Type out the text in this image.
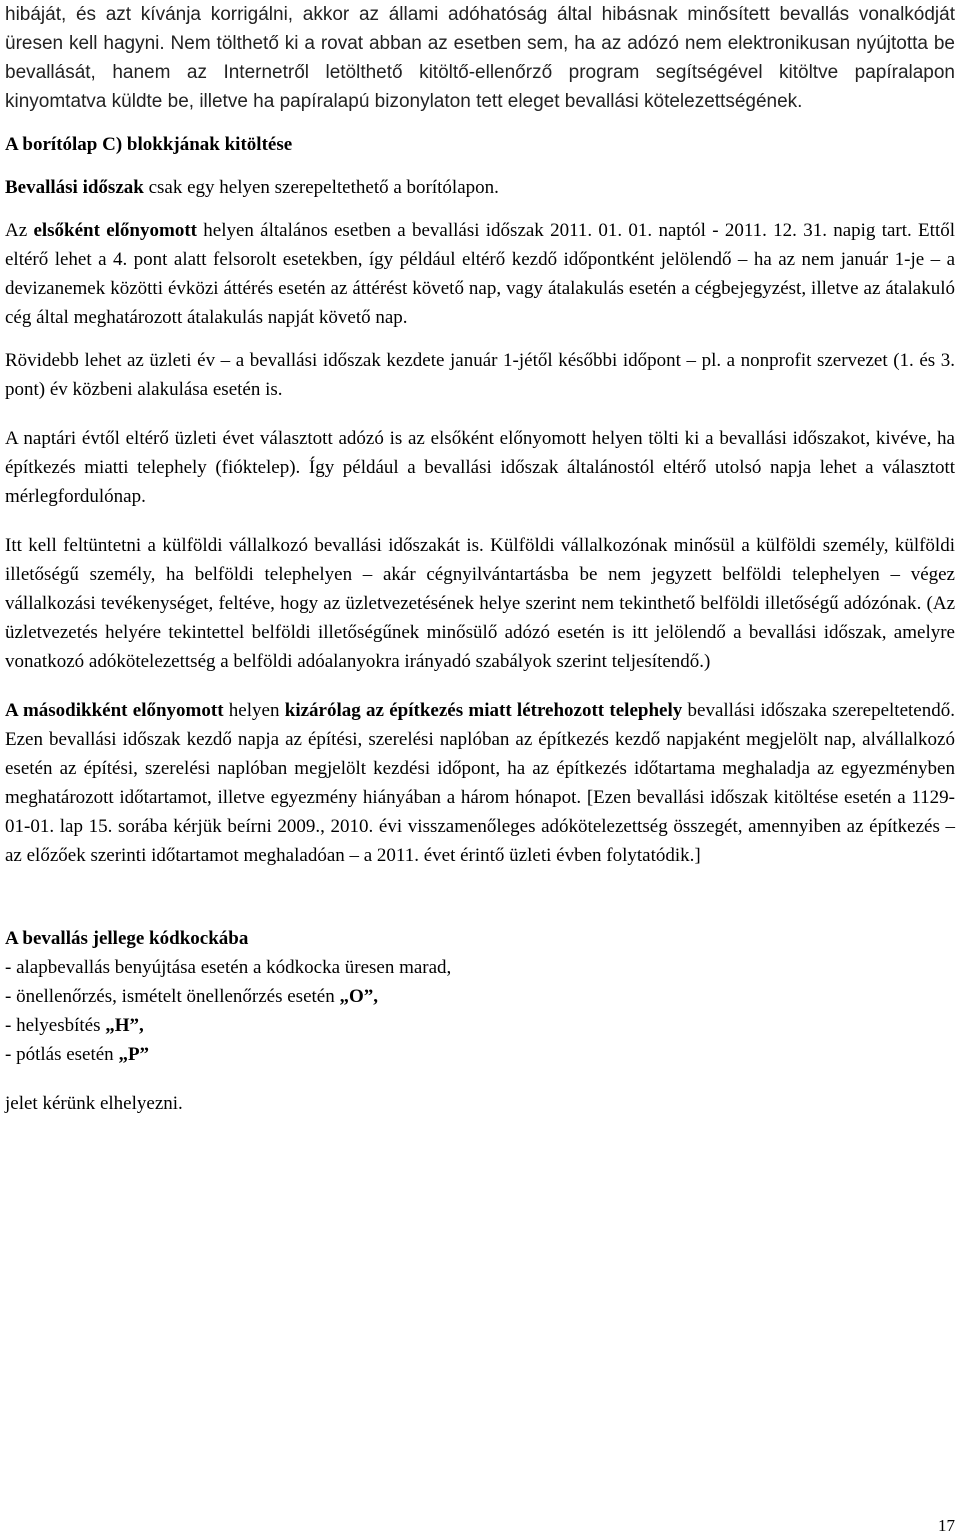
hibáját, és azt kívánja korrigálni, akkor az állami adóhatóság által hibásnak minősített bevallás vonalkódját üresen kell hagyni. Nem tölthető ki a rovat abban az esetben sem, ha az adózó nem elektronikusan nyújtotta be bevallását, hanem az Internetről letölthető kitöltő-ellenőrző program segítségével kitöltve papíralapon kinyomtatva küldte be, illetve ha papíralapú bizonylaton tett eleget bevallási kötelezettségének.

A borítólap C) blokkjának kitöltése

Bevallási időszak csak egy helyen szerepeltethető a borítólapon.

Az elsőként előnyomott helyen általános esetben a bevallási időszak 2011. 01. 01. naptól - 2011. 12. 31. napig tart. Ettől eltérő lehet a 4. pont alatt felsorolt esetekben, így például eltérő kezdő időpontként jelölendő – ha az nem január 1-je – a devizanemek közötti évközi áttérés esetén az áttérést követő nap, vagy átalakulás esetén a cégbejegyzést, illetve az átalakuló cég által meghatározott átalakulás napját követő nap.

Rövidebb lehet az üzleti év – a bevallási időszak kezdete január 1-jétől későbbi időpont – pl. a nonprofit szervezet (1. és 3. pont) év közbeni alakulása esetén is.

A naptári évtől eltérő üzleti évet választott adózó is az elsőként előnyomott helyen tölti ki a bevallási időszakot, kivéve, ha építkezés miatti telephely (fióktelep). Így például a bevallási időszak általánostól eltérő utolsó napja lehet a választott mérlegfordulónap.

Itt kell feltüntetni a külföldi vállalkozó bevallási időszakát is. Külföldi vállalkozónak minősül a külföldi személy, külföldi illetőségű személy, ha belföldi telephelyen – akár cégnyilvántartásba be nem jegyzett belföldi telephelyen – végez vállalkozási tevékenységet, feltéve, hogy az üzletvezetésének helye szerint nem tekinthető belföldi illetőségű adózónak. (Az üzletvezetés helyére tekintettel belföldi illetőségűnek minősülő adózó esetén is itt jelölendő a bevallási időszak, amelyre vonatkozó adókötelezettség a belföldi adóalanyokra irányadó szabályok szerint teljesítendő.)

A másodikként előnyomott helyen kizárólag az építkezés miatt létrehozott telephely bevallási időszaka szerepeltetendő. Ezen bevallási időszak kezdő napja az építési, szerelési naplóban az építkezés kezdő napjaként megjelölt nap, alvállalkozó esetén az építési, szerelési naplóban megjelölt kezdési időpont, ha az építkezés időtartama meghaladja az egyezményben meghatározott időtartamot, illetve egyezmény hiányában a három hónapot. [Ezen bevallási időszak kitöltése esetén a 1129-01-01. lap 15. sorába kérjük beírni 2009., 2010. évi visszamenőleges adókötelezettség összegét, amennyiben az építkezés – az előzőek szerinti időtartamot meghaladóan – a 2011. évet érintő üzleti évben folytatódik.]

A bevallás jellege kódkockába
- alapbevallás benyújtása esetén a kódkocka üresen marad,
- önellenőrzés, ismételt önellenőrzés esetén „O”,
- helyesbítés „H”,
- pótlás esetén „P”

jelet kérünk elhelyezni.

17
